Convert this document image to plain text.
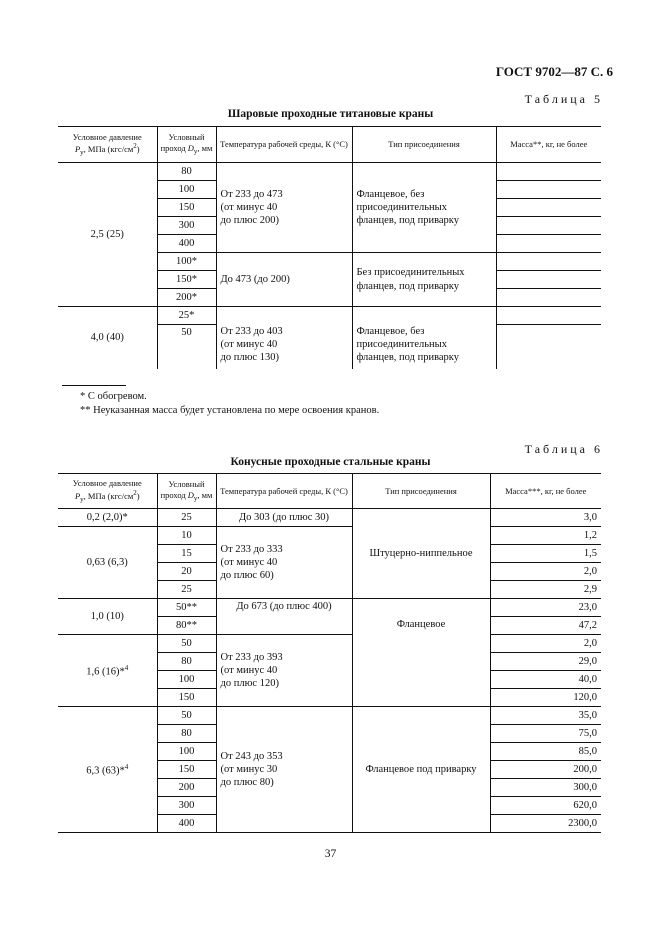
ГОСТ 9702—87 С. 6
Таблица 5
Шаровые проходные титановые краны
Условное давление
$P_y$, МПа $(кгс/см^2)$	Условный проход $D_y$, мм	Температура рабочей среды, К (°С)	Тип присоединения	Масса**, кг, не более
2,5 (25)	80	От 233 до 473
(от минус 40
до плюс 200)	Фланцевое, без
присоединительных
фланцев, под приварку	
	100			
	150			
	300			
	400			
	100*	До 473 (до 200)	Без присоединительных
фланцев, под приварку	
	150*			
	200*			
4,0 (40)	25*			
	50	От 233 до 403
(от минус 40
до плюс 130)	Фланцевое, без
присоединительных
фланцев, под приварку	
* С обогревом.
** Неуказанная масса будет установлена по мере освоения кранов.
Таблица 6
Конусные проходные стальные краны
Условное давление
$P_y$, МПа $(кгс/см^2)$	Условный проход $D_y$, мм	Температура рабочей среды, К (°С)	Тип присоединения	Масса***, кг, не более
0,2 (2,0)*	25	До 303 (до плюс 30)	Штуцерно-ниппельное	3,0
0,63 (6,3)	10	От 233 до 333
(от минус 40
до плюс 60)		1,2
	15			1,5
	20			2,0
	25			2,9
1,0 (10)	50**	До 673 (до плюс 400)	Фланцевое	23,0
	80**			47,2
1,6 (16)*$^4$	50	От 233 до 393
(от минус 40
до плюс 120)		2,0
	80			29,0
	100			40,0
	150			120,0
6,3 (63)*$^4$	50	От 243 до 353
(от минус 30
до плюс 80)	Фланцевое под приварку	35,0
	80			75,0
	100			85,0
	150			200,0
	200			300,0
	300			620,0
	400			2300,0
37
